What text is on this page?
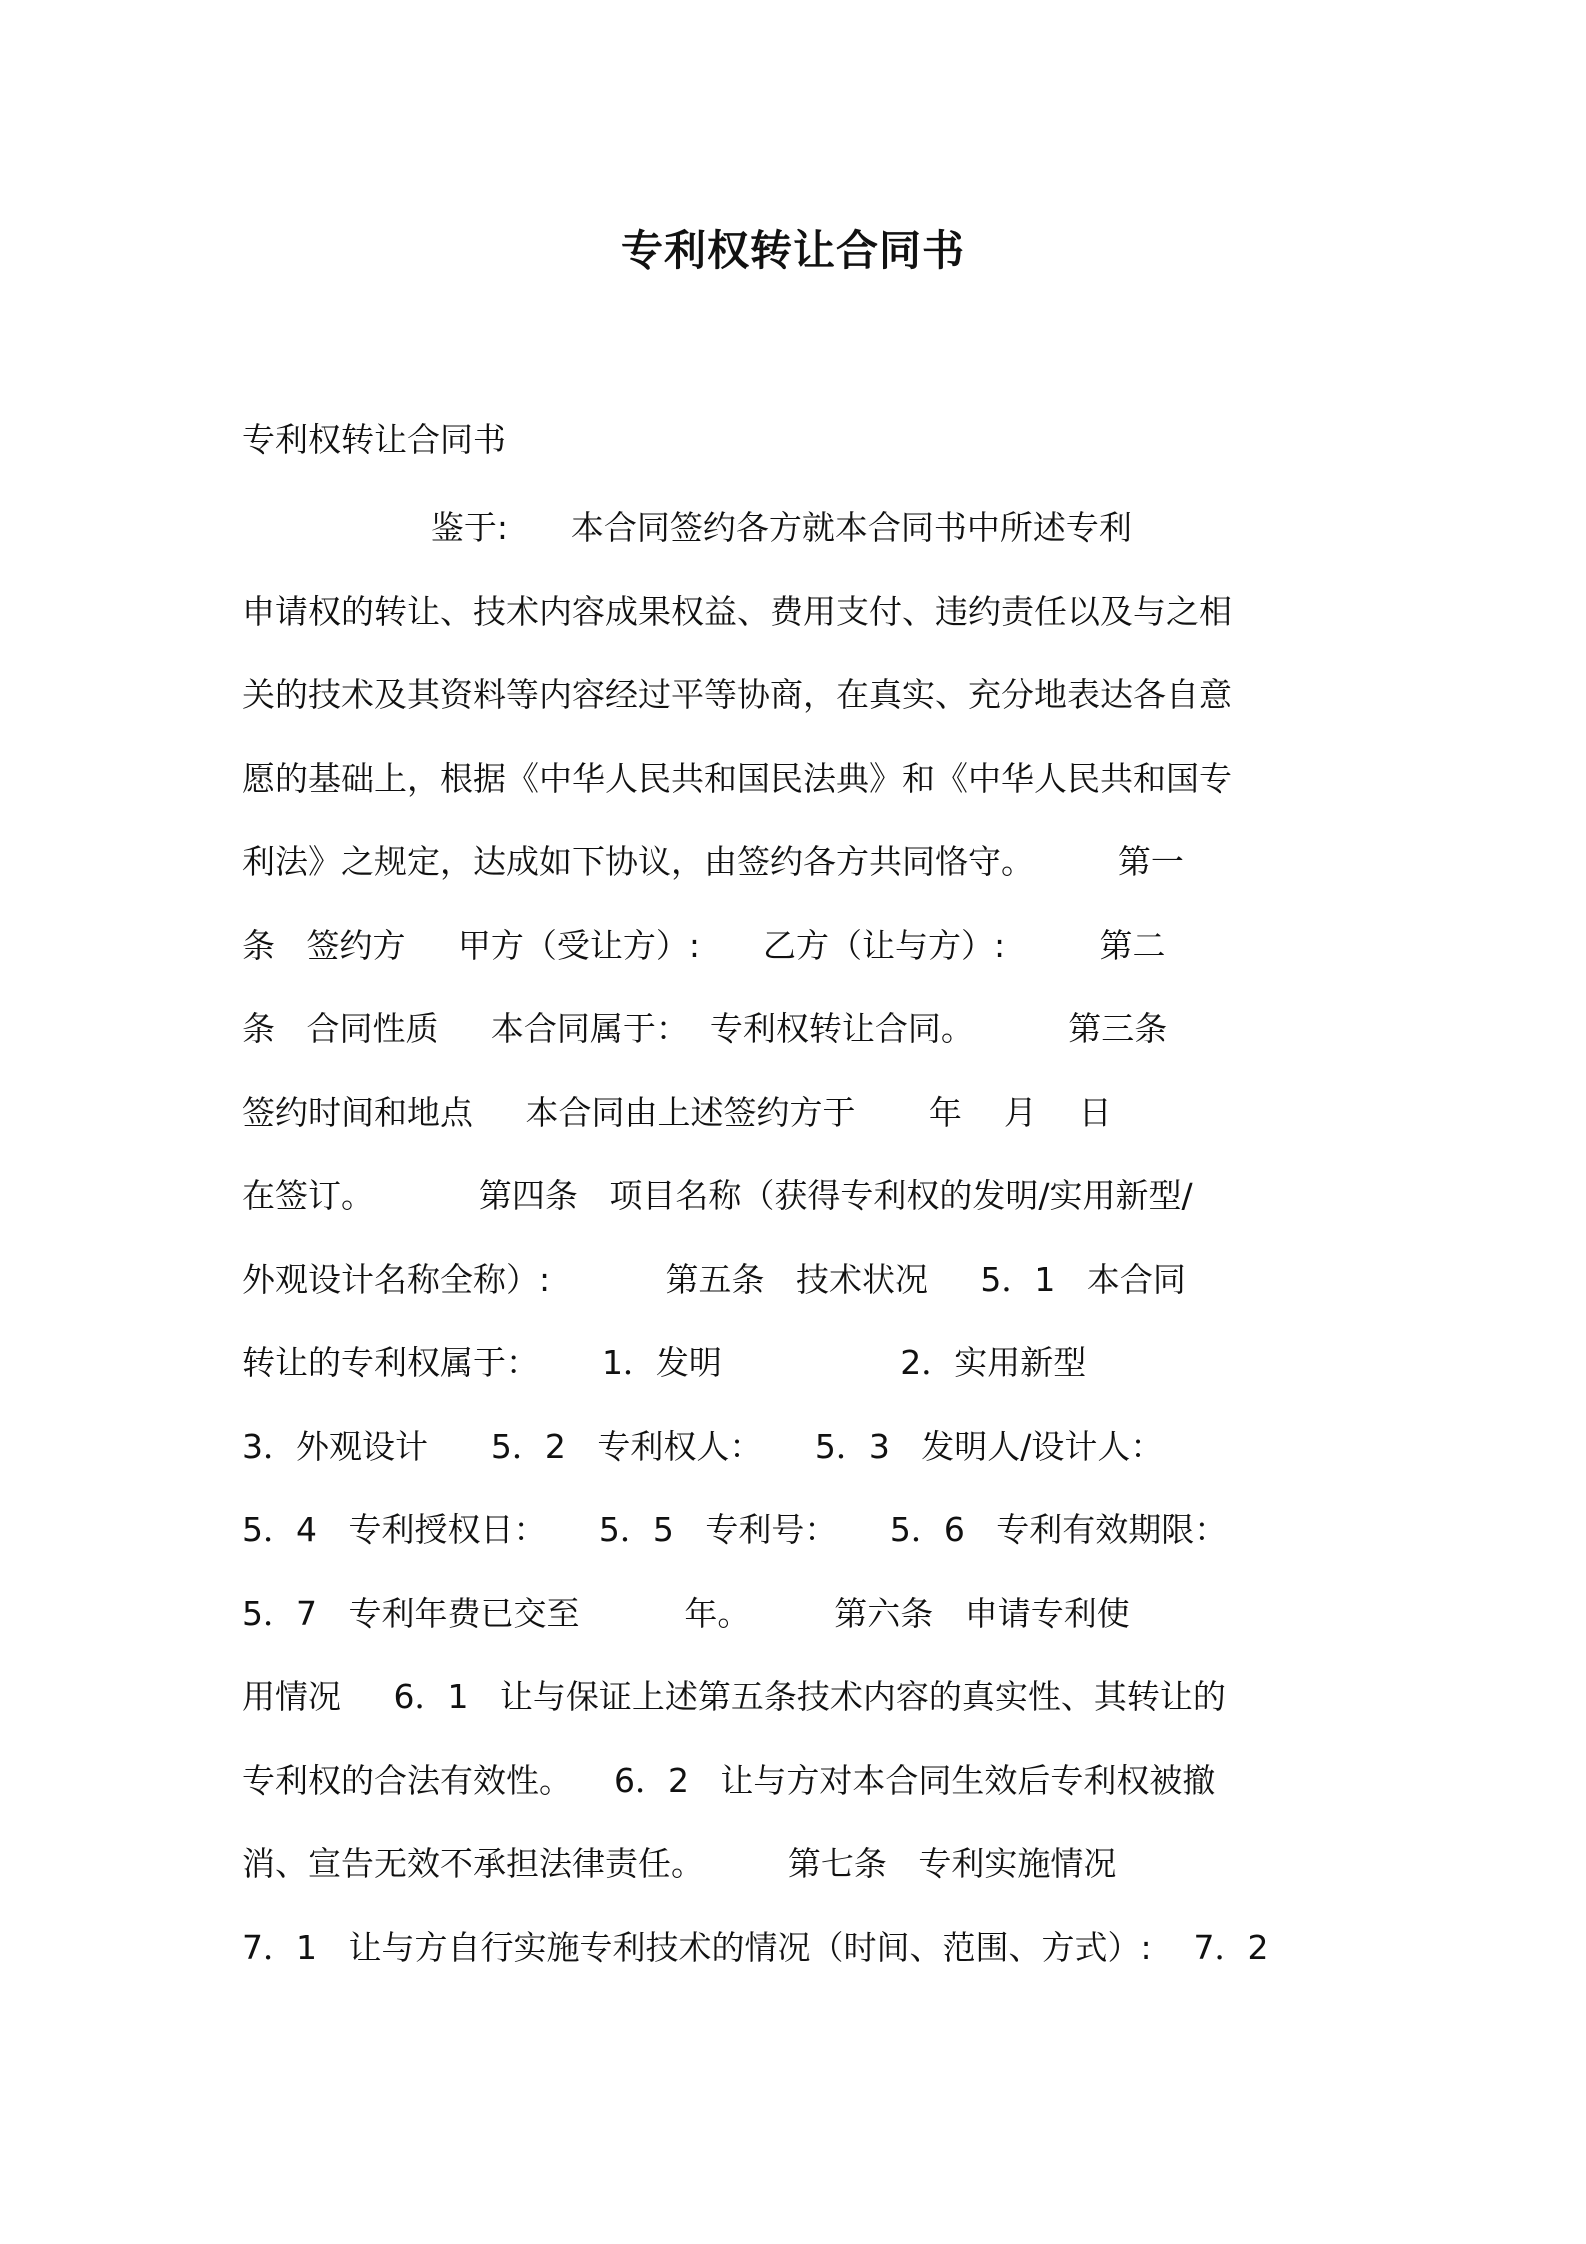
专利权转让合同书

专利权转让合同书

鉴于:      本合同签约各方就本合同书中所述专利

申请权的转让、技术内容成果权益、费用支付、违约责任以及与之相

关的技术及其资料等内容经过平等协商，在真实、充分地表达各自意

愿的基础上，根据《中华人民共和国民法典》和《中华人民共和国专

利法》之规定，达成如下协议，由签约各方共同恪守。        第一

条   签约方     甲方（受让方）:      乙方（让与方）:         第二

条   合同性质     本合同属于：  专利权转让合同。         第三条

签约时间和地点     本合同由上述签约方于       年    月    日

在签订。          第四条   项目名称（获得专利权的发明/实用新型/

外观设计名称全称）:           第五条   技术状况     5．1   本合同

转让的专利权属于：      1．发明                 2．实用新型

3．外观设计      5．2   专利权人：     5．3   发明人/设计人：

5．4   专利授权日：     5．5   专利号：     5．6   专利有效期限：

5．7   专利年费已交至          年。        第六条   申请专利使

用情况     6．1   让与保证上述第五条技术内容的真实性、其转让的

专利权的合法有效性。    6．2   让与方对本合同生效后专利权被撤

消、宣告无效不承担法律责任。        第七条   专利实施情况

7．1   让与方自行实施专利技术的情况（时间、范围、方式）:    7．2
